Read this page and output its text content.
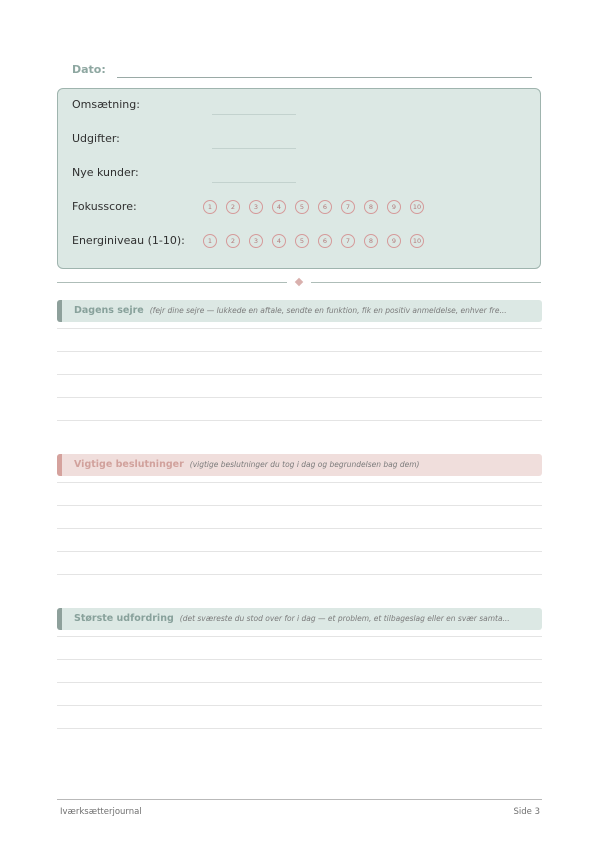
Dato:
Omsætning:
Udgifter:
Nye kunder:
Fokusscore:	1	2	3	4	5	6	7	8	9	10
Energiniveau (1-10):	1	2	3	4	5	6	7	8	9	10
Dagens sejre (fejr dine sejre — lukkede en aftale, sendte en funktion, fik en positiv anmeldelse, enhver fre...
Vigtige beslutninger (vigtige beslutninger du tog i dag og begrundelsen bag dem)
Største udfordring (det sværeste du stod over for i dag — et problem, et tilbageslag eller en svær samta...
Iværksætterjournal	Side 3
